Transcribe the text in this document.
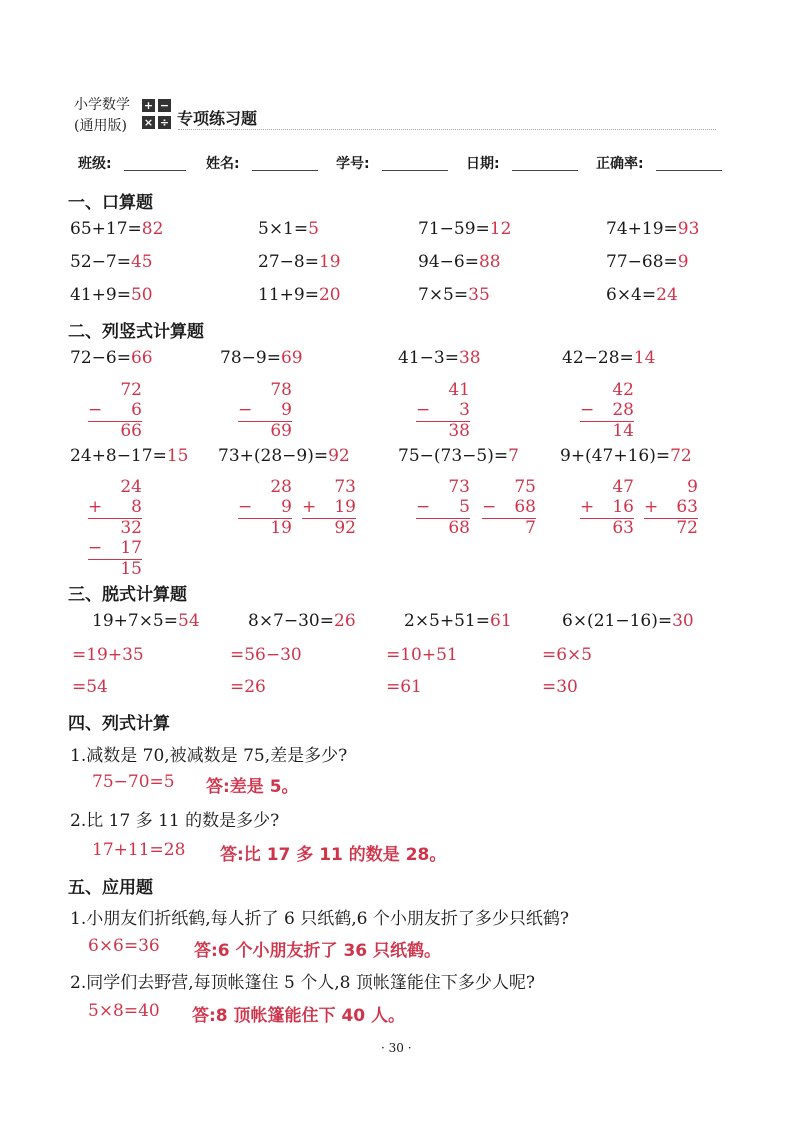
小学数学
(通用版)
+ −
× ÷ 专项练习题
班级:	姓名:	学号:	日期:	正确率:
一、口算题
65+17=82	5×1=5	71−59=12	74+19=93
52−7=45	27−8=19	94−6=88	77−68=9
41+9=50	11+9=20	7×5=35	6×4=24
二、列竖式计算题
72−6=66	78−9=69	41−3=38	42−28=14
72
− 6
66
78
− 9
69
41
− 3
38
42
− 28
14
24+8−17=15 73+(28−9)=92	75−(73−5)=7 9+(47+16)=72
24
+ 8
32
− 17
15
28
− 9
19
73
+ 19
92
73
− 5
68
75
− 68
7
47
+ 16
63
9
+ 63
72
三、脱式计算题
19+7×5=54	8×7−30=26	2×5+51=61	6×(21−16)=30
=19+35	=56−30	=10+51	=6×5
=54	=26	=61	=30
四、列式计算
1.减数是 70,被减数是 75,差是多少?
75−70=5 答:差是 5。
2.比 17 多 11 的数是多少?
17+11=28 答:比 17 多 11 的数是 28。
五、应用题
1.小朋友们折纸鹤,每人折了 6 只纸鹤,6 个小朋友折了多少只纸鹤?
6×6=36 答:6 个小朋友折了 36 只纸鹤。
2.同学们去野营,每顶帐篷住 5 个人,8 顶帐篷能住下多少人呢?
5×8=40 答:8 顶帐篷能住下 40 人。
· 30 ·
